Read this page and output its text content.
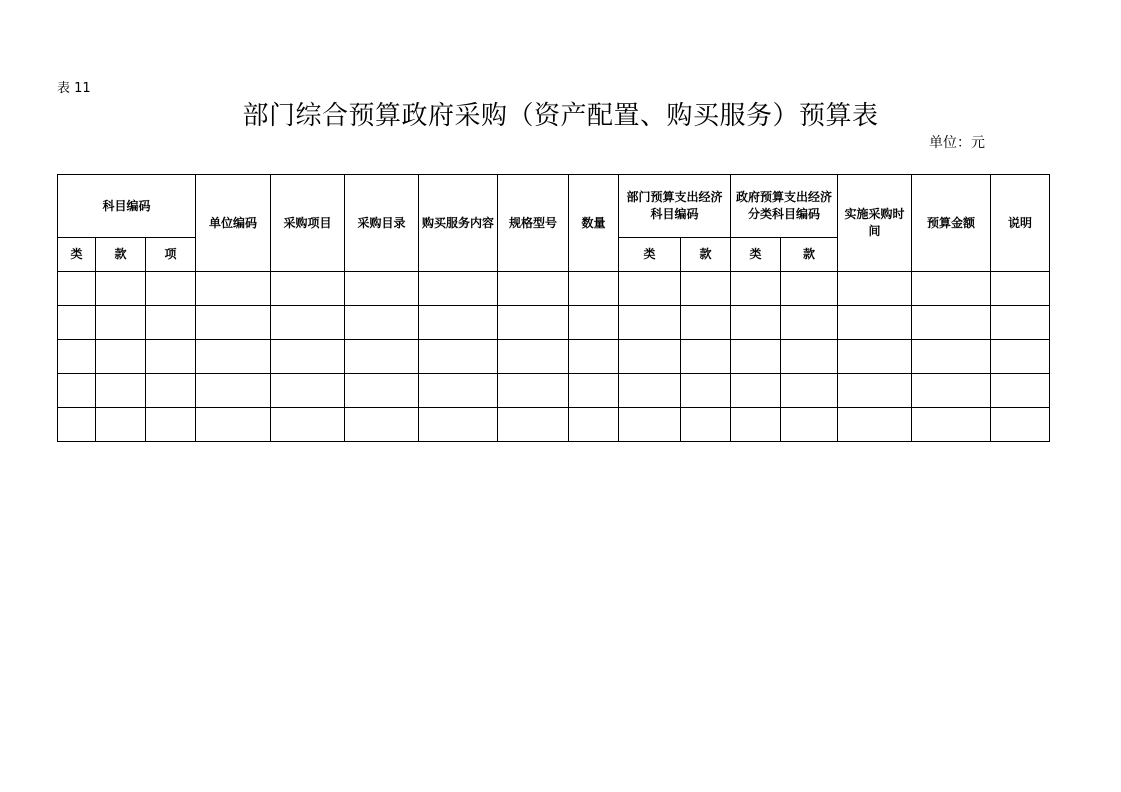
表 11
部门综合预算政府采购（资产配置、购买服务）预算表
单位：元
科目编码			单位编码	采购项目	采购目录	购买服务内容	规格型号	数量	部门预算支出经济科目编码		政府预算支出经济分类科目编码		实施采购时间	预算金额	说明
类	款	项							类	款	类	款			
